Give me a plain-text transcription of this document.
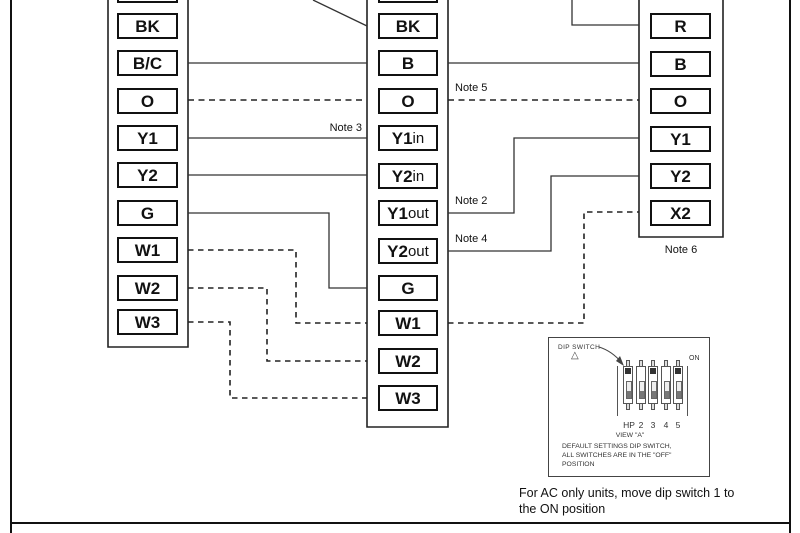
BK
B/C
O
Y1
Y2
G
W1
W2
W3
BK
B
O
Y1 in
Y2 in
Y1 out
Y2 out
G
W1
W2
W3
R
B
O
Y1
Y2
X2
Note 3
Note 5
Note 2
Note 4
Note 6
DIP SWITCH
△	ON
HP 2 3 4 5
VIEW "A"
DEFAULT SETTINGS DIP SWITCH,
ALL SWITCHES ARE IN THE "OFF"
POSITION
For AC only units, move dip switch 1 to
the ON position
